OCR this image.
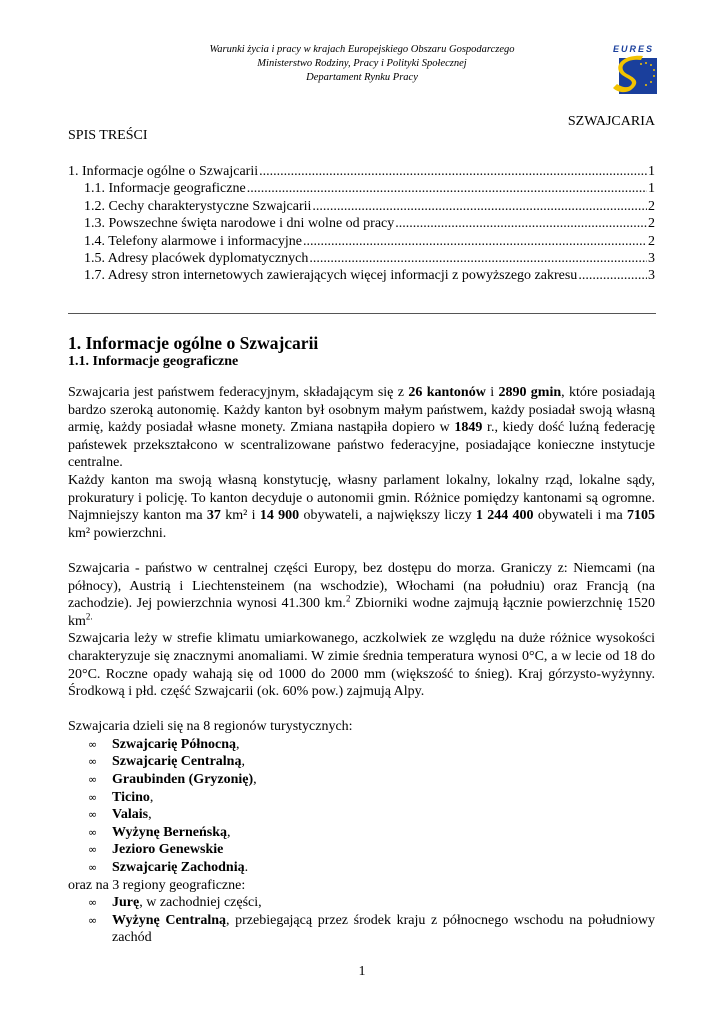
Warunki życia i pracy w krajach Europejskiego Obszaru Gospodarczego
Ministerstwo Rodziny, Pracy i Polityki Społecznej
Departament Rynku Pracy
EURES
SZWAJCARIA
SPIS TREŚCI
1. Informacje ogólne o Szwajcarii .....	1
1.1. Informacje geograficzne .....	1
1.2. Cechy charakterystyczne Szwajcarii .....	2
1.3. Powszechne święta narodowe i dni wolne od pracy .....	2
1.4. Telefony alarmowe i informacyjne .....	2
1.5. Adresy placówek dyplomatycznych .....	3
1.7. Adresy stron internetowych zawierających więcej informacji z powyższego zakresu .....	3
1. Informacje ogólne o Szwajcarii
1.1. Informacje geograficzne

Szwajcaria jest państwem federacyjnym, składającym się z 26 kantonów i 2890 gmin, które posiadają bardzo szeroką autonomię. Każdy kanton był osobnym małym państwem, każdy posiadał swoją własną armię, każdy posiadał własne monety. Zmiana nastąpiła dopiero w 1849 r., kiedy dość luźną federację państewek przekształcono w scentralizowane państwo federacyjne, posiadające konieczne instytucje centralne.

Każdy kanton ma swoją własną konstytucję, własny parlament lokalny, lokalny rząd, lokalne sądy, prokuratury i policję. To kanton decyduje o autonomii gmin. Różnice pomiędzy kantonami są ogromne. Najmniejszy kanton ma 37 km² i 14 900 obywateli, a największy liczy 1 244 400 obywateli i ma 7105 km² powierzchni.

Szwajcaria - państwo w centralnej części Europy, bez dostępu do morza. Graniczy z: Niemcami (na północy), Austrią i Liechtensteinem (na wschodzie), Włochami (na południu) oraz Francją (na zachodzie). Jej powierzchnia wynosi 41.300 km.$^2$ Zbiorniki wodne zajmują łącznie powierzchnię 1520 $km^{2.}$

Szwajcaria leży w strefie klimatu umiarkowanego, aczkolwiek ze względu na duże różnice wysokości charakteryzuje się znacznymi anomaliami. W zimie średnia temperatura wynosi 0°C, a w lecie od 18 do 20°C. Roczne opady wahają się od 1000 do 2000 mm (większość to śnieg). Kraj górzysto-wyżynny. Środkową i płd. część Szwajcarii (ok. 60% pow.) zajmują Alpy.

Szwajcaria dzieli się na 8 regionów turystycznych:

∞ Szwajcarię Północną,
∞ Szwajcarię Centralną,
∞ Graubinden (Gryzonię),
∞ Ticino,
∞ Valais,
∞ Wyżynę Berneńską,
∞ Jezioro Genewskie
∞ Szwajcarię Zachodnią.

oraz na 3 regiony geograficzne:

∞ Jurę, w zachodniej części,
∞ Wyżynę Centralną, przebiegającą przez środek kraju z północnego wschodu na południowy zachód
1
